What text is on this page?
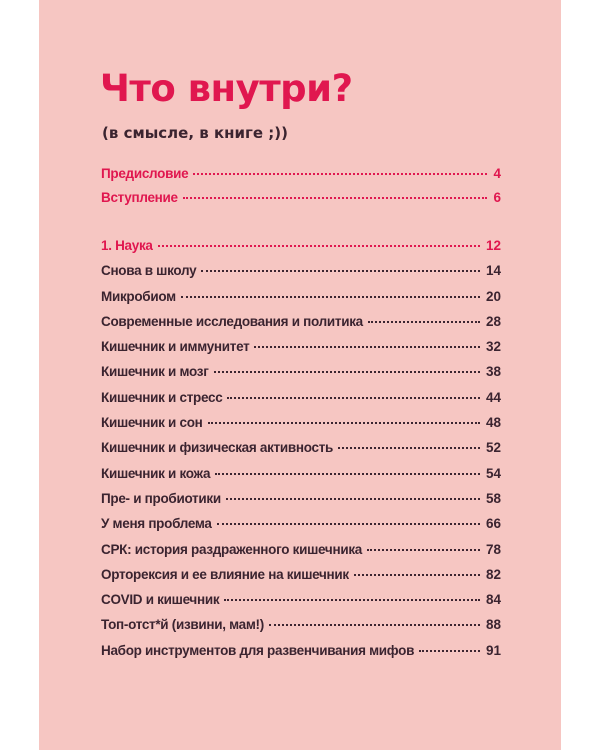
Что внутри?

(в смысле, в книге ;))

Предисловие	4
Вступление	6
1. Наука	12
Снова в школу	14
Микробиом	20
Современные исследования и политика	28
Кишечник и иммунитет	32
Кишечник и мозг	38
Кишечник и стресс	44
Кишечник и сон	48
Кишечник и физическая активность	52
Кишечник и кожа	54
Пре- и пробиотики	58
У меня проблема	66
СРК: история раздраженного кишечника	78
Орторексия и ее влияние на кишечник	82
COVID и кишечник	84
Топ-отст*й (извини, мам!)	88
Набор инструментов для развенчивания мифов	91
